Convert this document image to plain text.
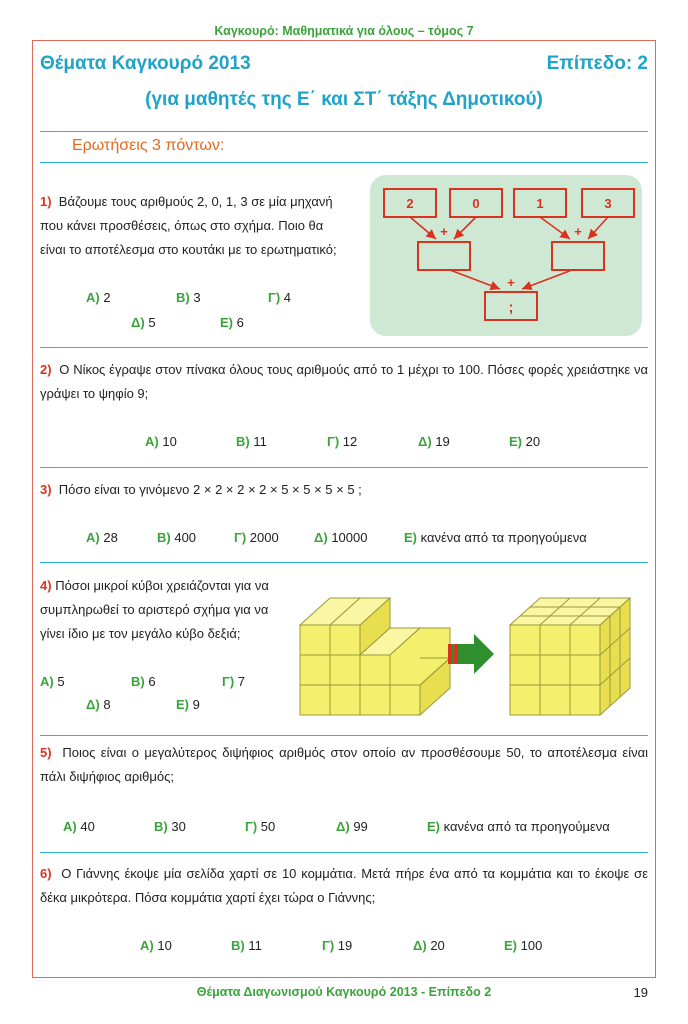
Καγκουρό: Μαθηματικά για όλους – τόμος 7
Θέματα Καγκουρό 2013	Επίπεδο: 2
(για μαθητές της Ε΄ και ΣΤ΄ τάξης Δημοτικού)
Ερωτήσεις 3 πόντων:
1) Βάζουμε τους αριθμούς 2, 0, 1, 3 σε μία μηχανή
που κάνει προσθέσεις, όπως στο σχήμα. Ποιο θα
είναι το αποτέλεσμα στο κουτάκι με το ερωτηματικό;
Α) 2	Β) 3	Γ) 4
Δ) 5	Ε) 6
2	0	1	3
+	+
+
;
2) Ο Νίκος έγραψε στον πίνακα όλους τους αριθμούς από το 1 μέχρι το 100. Πόσες φορές χρειάστηκε να γράψει το ψηφίο 9;
Α) 10	Β) 11	Γ) 12	Δ) 19	Ε) 20
3) Πόσο είναι το γινόμενο 2 × 2 × 2 × 2 × 5 × 5 × 5 × 5 ;
Α) 28	Β) 400	Γ) 2000	Δ) 10000	Ε) κανένα από τα προηγούμενα
4) Πόσοι μικροί κύβοι χρειάζονται για να
συμπληρωθεί το αριστερό σχήμα για να
γίνει ίδιο με τον μεγάλο κύβο δεξιά;
Α) 5	Β) 6	Γ) 7
Δ) 8	Ε) 9
5) Ποιος είναι ο μεγαλύτερος διψήφιος αριθμός στον οποίο αν προσθέσουμε 50, το αποτέλεσμα είναι πάλι διψήφιος αριθμός;
Α) 40	Β) 30	Γ) 50	Δ) 99	Ε) κανένα από τα προηγούμενα
6) Ο Γιάννης έκοψε μία σελίδα χαρτί σε 10 κομμάτια. Μετά πήρε ένα από τα κομμάτια και το έκοψε σε δέκα μικρότερα. Πόσα κομμάτια χαρτί έχει τώρα ο Γιάννης;
Α) 10	Β) 11	Γ) 19	Δ) 20	Ε) 100
Θέματα Διαγωνισμού Καγκουρό 2013 - Επίπεδο 2	19
